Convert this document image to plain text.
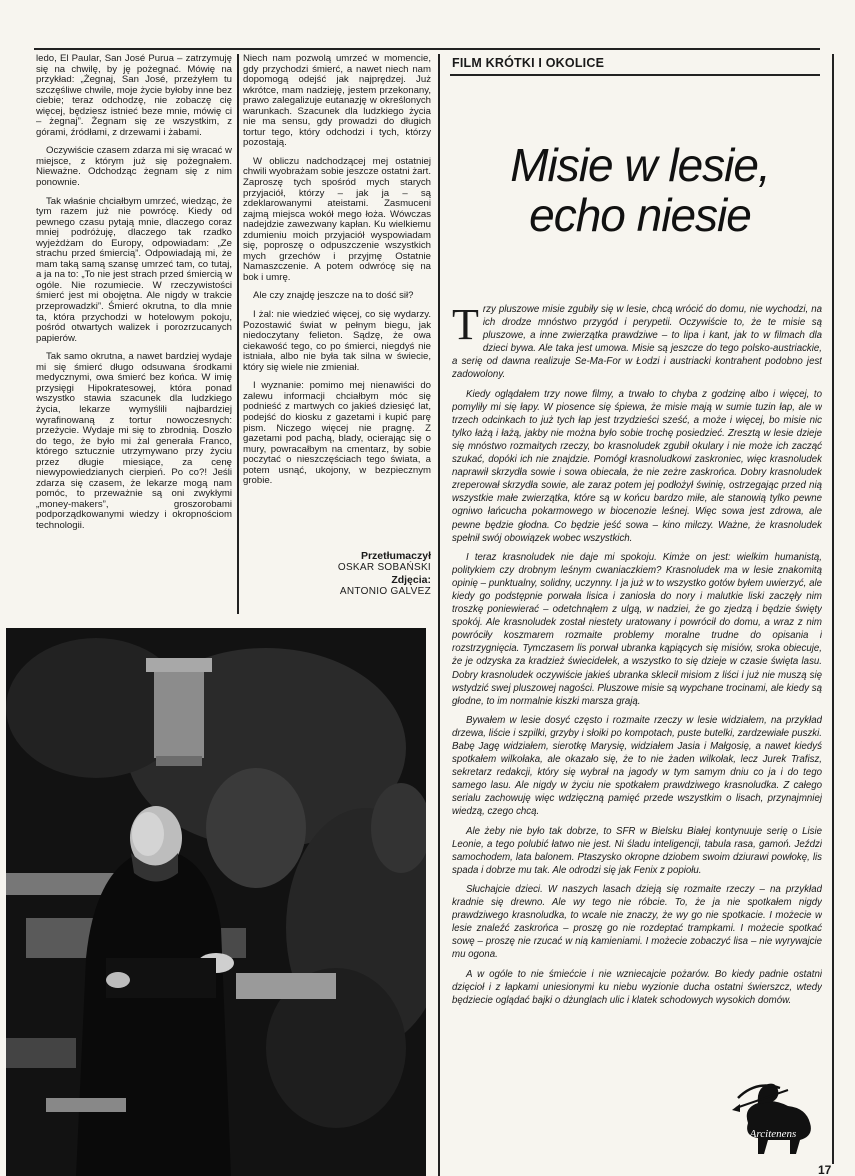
ledo, El Paular, San José Purua – zatrzymuję się na chwilę, by ję pożegnać. Mówię na przykład: „Żegnaj, San José, przeżyłem tu szczęśliwe chwile, moje życie byłoby inne bez ciebie; teraz odchodzę, nie zobaczę cię więcej, będziesz istnieć beze mnie, mówię ci – żegnaj”. Żegnam się ze wszystkim, z górami, źródłami, z drzewami i żabami.

Oczywiście czasem zdarza mi się wracać w miejsce, z którym już się pożegnałem. Nieważne. Odchodząc żegnam się z nim ponownie.

Tak właśnie chciałbym umrzeć, wiedząc, że tym razem już nie powrócę. Kiedy od pewnego czasu pytają mnie, dlaczego coraz mniej podróżuję, dlaczego tak rzadko wyjeżdżam do Europy, odpowiadam: „Ze strachu przed śmiercią”. Odpowiadają mi, że mam taką samą szansę umrzeć tam, co tutaj, a ja na to: „To nie jest strach przed śmiercią w ogóle. Nie rozumiecie. W rzeczywistości śmierć jest mi obojętna. Ale nigdy w trakcie przeprowadzki”. Śmierć okrutna, to dla mnie ta, która przychodzi w hotelowym pokoju, pośród otwartych walizek i porozrzucanych papierów.

Tak samo okrutna, a nawet bardziej wydaje mi się śmierć długo odsuwana środkami medycznymi, owa śmierć bez końca. W imię przysięgi Hipokratesowej, która ponad wszystko stawia szacunek dla ludzkiego życia, lekarze wymyślili najbardziej wyrafinowaną z tortur nowoczesnych: przeżycie. Wydaje mi się to zbrodnią. Doszło do tego, że było mi żal generała Franco, którego sztucznie utrzymywano przy życiu przez długie miesiące, za cenę niewypowiedzianych cierpień. Po co?! Jeśli zdarza się czasem, że lekarze mogą nam pomóc, to przeważnie są oni zwykłymi „money-makers”, groszorobami podporządkowanymi wiedzy i okropnościom technologii.

Niech nam pozwolą umrzeć w momencie, gdy przychodzi śmierć, a nawet niech nam dopomogą odejść jak najprędzej. Już wkrótce, mam nadzieję, jestem przekonany, prawo zalegalizuje eutanazję w określonych warunkach. Szacunek dla ludzkiego życia nie ma sensu, gdy prowadzi do długich tortur tego, który odchodzi i tych, którzy pozostają.

W obliczu nadchodzącej mej ostatniej chwili wyobrażam sobie jeszcze ostatni żart. Zaproszę tych spośród mych starych przyjaciół, którzy – jak ja – są zdeklarowanymi ateistami. Zasmuceni zajmą miejsca wokół mego łoża. Wówczas nadejdzie zawezwany kapłan. Ku wielkiemu zdumieniu moich przyjaciół wyspowiadam się, poproszę o odpuszczenie wszystkich mych grzechów i przyjmę Ostatnie Namaszczenie. A potem odwrócę się na bok i umrę.

Ale czy znajdę jeszcze na to dość sił?

I żal: nie wiedzieć więcej, co się wydarzy. Pozostawić świat w pełnym biegu, jak niedoczytany felieton. Sądzę, że owa ciekawość tego, co po śmierci, niegdyś nie istniała, albo nie była tak silna w świecie, który się wiele nie zmieniał.

I wyznanie: pomimo mej nienawiści do zalewu informacji chciałbym móc się podnieść z martwych co jakieś dziesięć lat, podejść do kiosku z gazetami i kupić parę pism. Niczego więcej nie pragnę. Z gazetami pod pachą, blady, ocierając się o mury, powracałbym na cmentarz, by sobie poczytać o nieszczęściach tego świata, a potem usnąć, ukojony, w bezpiecznym grobie.

Przetłumaczył
OSKAR SOBAŃSKI
Zdjęcia:
ANTONIO GALVEZ
FILM KRÓTKI I OKOLICE
Misie w lesie,
echo niesie

Trzy pluszowe misie zgubiły się w lesie, chcą wrócić do domu, nie wychodzi, na ich drodze mnóstwo przygód i perypetii. Oczywiście to, że te misie są pluszowe, a inne zwierzątka prawdziwe – to lipa i kant, jak to w filmach dla dzieci bywa. Ale taka jest umowa. Misie są jeszcze do tego polsko-austriackie, a serię od dawna realizuje Se-Ma-For w Łodzi i austriacki kontrahent podobno jest zadowolony.

Kiedy oglądałem trzy nowe filmy, a trwało to chyba z godzinę albo i więcej, to pomyliły mi się łapy. W piosence się śpiewa, że misie mają w sumie tuzin łap, ale w trzech odcinkach to już tych łap jest trzydzieści sześć, a może i więcej, bo misie nic tylko łażą i łażą, jakby nie można było sobie trochę posiedzieć. Zresztą w lesie dzieje się mnóstwo rozmaitych rzeczy, bo krasnoludek zgubił okulary i nie może ich zacząć szukać, dopóki ich nie znajdzie. Pomógł krasnoludkowi zaskroniec, więc krasnoludek naprawił skrzydła sowie i sowa obiecała, że nie zeżre zaskrońca. Dobry krasnoludek zreperował skrzydła sowie, ale zaraz potem jej podłożył świnię, ostrzegając przed nią wszystkie małe zwierzątka, które są w końcu bardzo miłe, ale stanowią tylko pewne ogniwo łańcucha pokarmowego w biocenozie leśnej. Więc sowa jest zdrowa, ale pewne będzie głodna. Co będzie jeść sowa – kino milczy. Ważne, że krasnoludek spełnił swój obowiązek wobec wszystkich.

I teraz krasnoludek nie daje mi spokoju. Kimże on jest: wielkim humanistą, politykiem czy drobnym leśnym cwaniaczkiem? Krasnoludek ma w lesie znakomitą opinię – punktualny, solidny, uczynny. I ja już w to wszystko gotów byłem uwierzyć, ale kiedy go podstępnie porwała lisica i zaniosła do nory i malutkie liski zaczęły nim troszkę poniewierać – odetchnąłem z ulgą, w nadziei, że go zjedzą i będzie święty spokój. Ale krasnoludek został niestety uratowany i powrócił do domu, a wraz z nim powróciły koszmarem rozmaite problemy moralne trudne do opisania i rozstrzygnięcia. Tymczasem lis porwał ubranka kąpiących się misiów, sroka obiecuje, że je odzyska za kradzież świecidełek, a wszystko to się dzieje w czasie święta lasu. Dobry krasnoludek oczywiście jakieś ubranka sklecił misiom z liści i już nie muszą się wstydzić swej pluszowej nagości. Pluszowe misie są wypchane trocinami, ale kiedy są głodne, to im normalnie kiszki marsza grają.

Bywałem w lesie dosyć często i rozmaite rzeczy w lesie widziałem, na przykład drzewa, liście i szpilki, grzyby i słoiki po kompotach, puste butelki, zardzewiałe puszki. Babę Jagę widziałem, sierotkę Marysię, widziałem Jasia i Małgosię, a nawet kiedyś spotkałem wilkołaka, ale okazało się, że to nie żaden wilkołak, lecz Jurek Trafisz, sekretarz redakcji, który się wybrał na jagody w tym samym dniu co ja i do tego samego lasu. Ale nigdy w życiu nie spotkałem prawdziwego krasnoludka. Z całego serialu zachowuję więc wdzięczną pamięć przede wszystkim o lisach, przynajmniej wiedzą, czego chcą.

Ale żeby nie było tak dobrze, to SFR w Bielsku Białej kontynuuje serię o Lisie Leonie, a tego polubić łatwo nie jest. Ni śladu inteligencji, tabula rasa, gamoń. Jeździ samochodem, lata balonem. Ptaszysko okropne dziobem swoim dziurawi powłokę, lis spada i dobrze mu tak. Ale odrodzi się jak Fenix z popiołu.

Słuchajcie dzieci. W naszych lasach dzieją się rozmaite rzeczy – na przykład kradnie się drewno. Ale wy tego nie róbcie. To, że ja nie spotkałem nigdy prawdziwego krasnoludka, to wcale nie znaczy, że wy go nie spotkacie. I możecie w lesie znaleźć zaskrońca – proszę go nie rozdeptać trampkami. I możecie spotkać sowę – proszę nie rzucać w nią kamieniami. I możecie zobaczyć lisa – nie wyrywajcie mu ogona.

A w ogóle to nie śmiećcie i nie wzniecajcie pożarów. Bo kiedy padnie ostatni dzięcioł i z łapkami uniesionymi ku niebu wyzionie ducha ostatni świerszcz, wtedy będziecie oglądać bajki o dżunglach ulic i klatek schodowych wysokich domów.

Arcitenens
17
